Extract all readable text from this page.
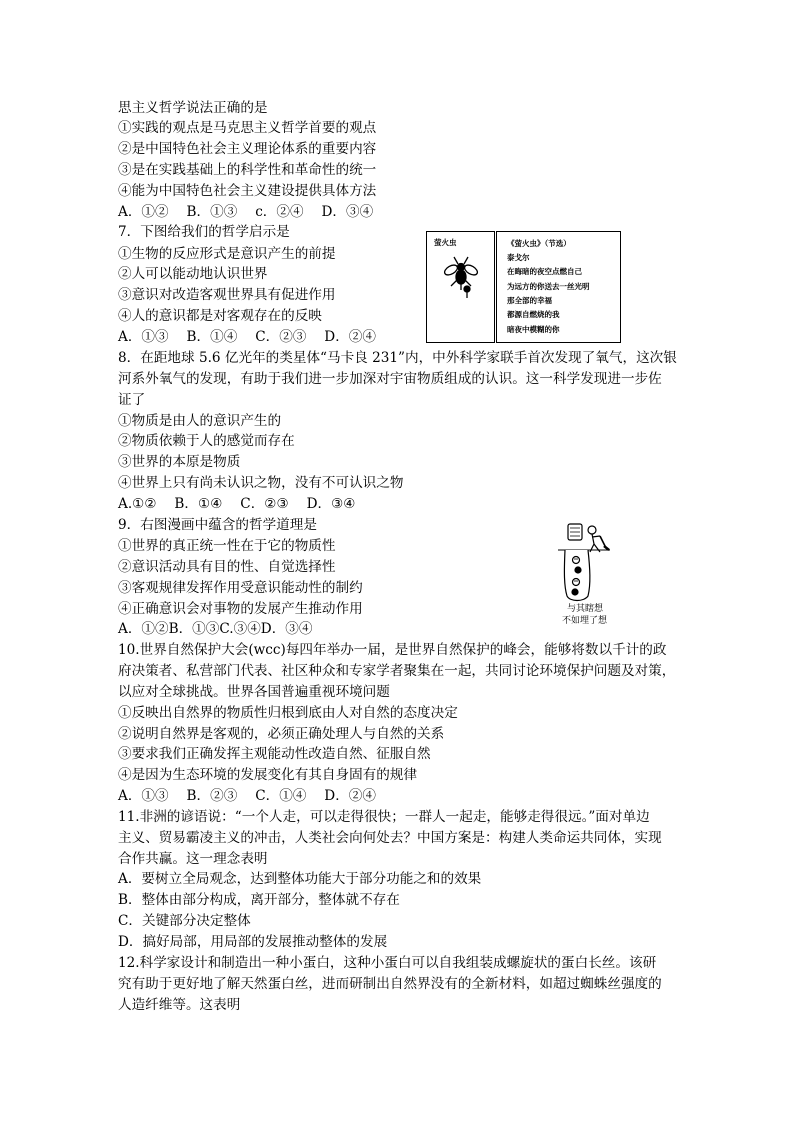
思主义哲学说法正确的是
①实践的观点是马克思主义哲学首要的观点
②是中国特色社会主义理论体系的重要内容
③是在实践基础上的科学性和革命性的统一
④能为中国特色社会主义建设提供具体方法
A．①②　 B．①③　 c．②④　 D．③④
7．下图给我们的哲学启示是
①生物的反应形式是意识产生的前提
②人可以能动地认识世界
③意识对改造客观世界具有促进作用
④人的意识都是对客观存在的反映
A．①③　 B．①④　 C．②③　 D．②④
8．在距地球 5.6 亿光年的类星体“马卡良 231”内，中外科学家联手首次发现了氧气，这次银
河系外氧气的发现，有助于我们进一步加深对宇宙物质组成的认识。这一科学发现进一步佐
证了
①物质是由人的意识产生的
②物质依赖于人的感觉而存在
③世界的本原是物质
④世界上只有尚未认识之物，没有不可认识之物
A.①②　 B．①④　 C．②③　 D．③④
9．右图漫画中蕴含的哲学道理是
①世界的真正统一性在于它的物质性
②意识活动具有目的性、自觉选择性
③客观规律发挥作用受意识能动性的制约
④正确意识会对事物的发展产生推动作用
A．①②B．①③C.③④D．③④
10.世界自然保护大会(wcc)每四年举办一届，是世界自然保护的峰会，能够将数以千计的政
府决策者、私营部门代表、社区种众和专家学者聚集在一起，共同讨论环境保护问题及对策，
以应对全球挑战。世界各国普遍重视环境问题
①反映出自然界的物质性归根到底由人对自然的态度决定
②说明自然界是客观的，必须正确处理人与自然的关系
③要求我们正确发挥主观能动性改造自然、征服自然
④是因为生态环境的发展变化有其自身固有的规律
A．①③　 B．②③　 C．①④　 D．②④
11.非洲的谚语说：“一个人走，可以走得很快；一群人一起走，能够走得很远。”面对单边
主义、贸易霸凌主义的冲击，人类社会向何处去？中国方案是：构建人类命运共同体，实现
合作共赢。这一理念表明
A．要树立全局观念，达到整体功能大于部分功能之和的效果
B．整体由部分构成，离开部分，整体就不存在
C．关键部分决定整体
D．搞好局部，用局部的发展推动整体的发展
12.科学家设计和制造出一种小蛋白，这种小蛋白可以自我组装成螺旋状的蛋白长丝。该研
究有助于更好地了解天然蛋白丝，进而研制出自然界没有的全新材料，如超过蜘蛛丝强度的
人造纤维等。这表明
萤火虫	《萤火虫》（节选）
泰戈尔
在晦暗的夜空点燃自己
为远方的你送去一丝光明
那全部的幸福
都源自燃烧的我
暗夜中模糊的你
与其瞎想
不如埋了想
